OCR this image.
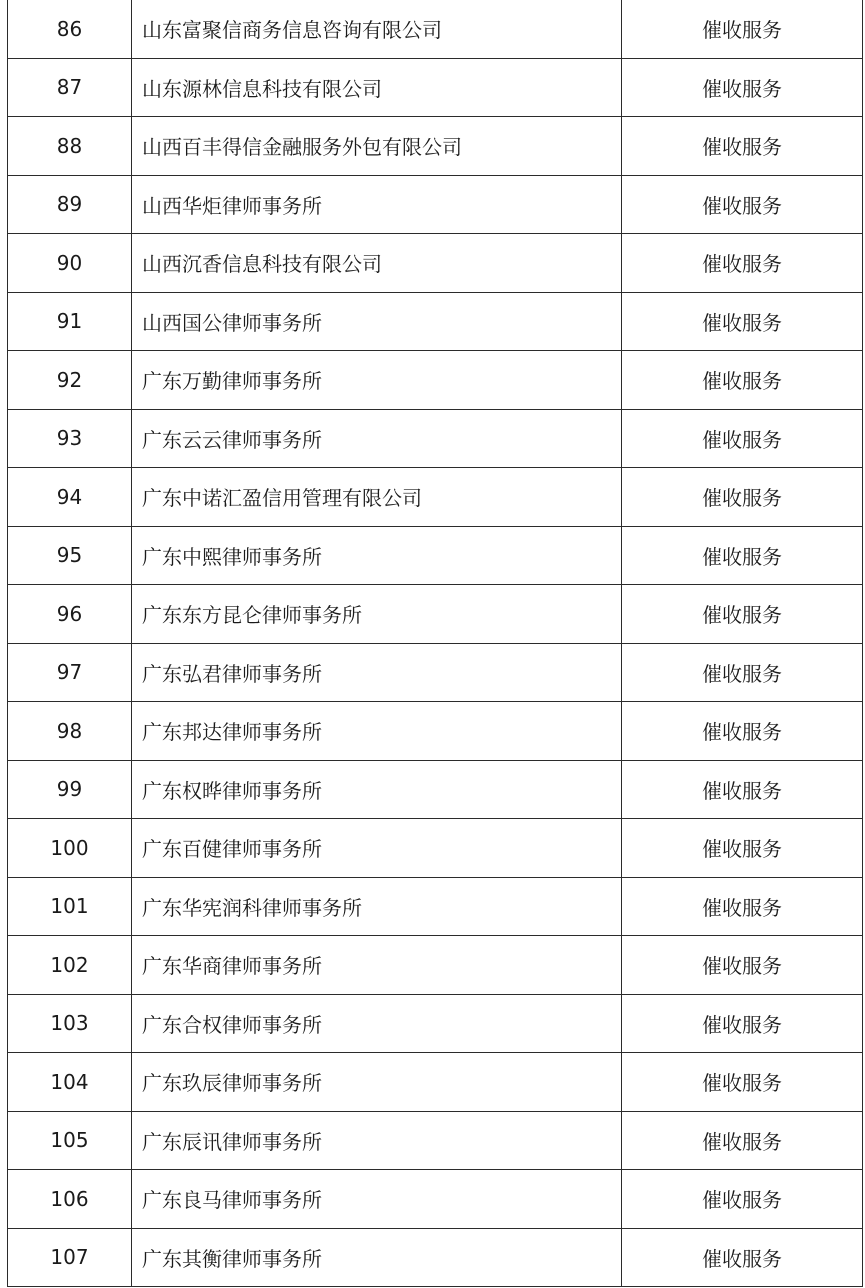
86	山东富聚信商务信息咨询有限公司	催收服务
87	山东源林信息科技有限公司	催收服务
88	山西百丰得信金融服务外包有限公司	催收服务
89	山西华炬律师事务所	催收服务
90	山西沉香信息科技有限公司	催收服务
91	山西国公律师事务所	催收服务
92	广东万勤律师事务所	催收服务
93	广东云云律师事务所	催收服务
94	广东中诺汇盈信用管理有限公司	催收服务
95	广东中熙律师事务所	催收服务
96	广东东方昆仑律师事务所	催收服务
97	广东弘君律师事务所	催收服务
98	广东邦达律师事务所	催收服务
99	广东权晔律师事务所	催收服务
100	广东百健律师事务所	催收服务
101	广东华宪润科律师事务所	催收服务
102	广东华商律师事务所	催收服务
103	广东合权律师事务所	催收服务
104	广东玖辰律师事务所	催收服务
105	广东辰讯律师事务所	催收服务
106	广东良马律师事务所	催收服务
107	广东其衡律师事务所	催收服务
